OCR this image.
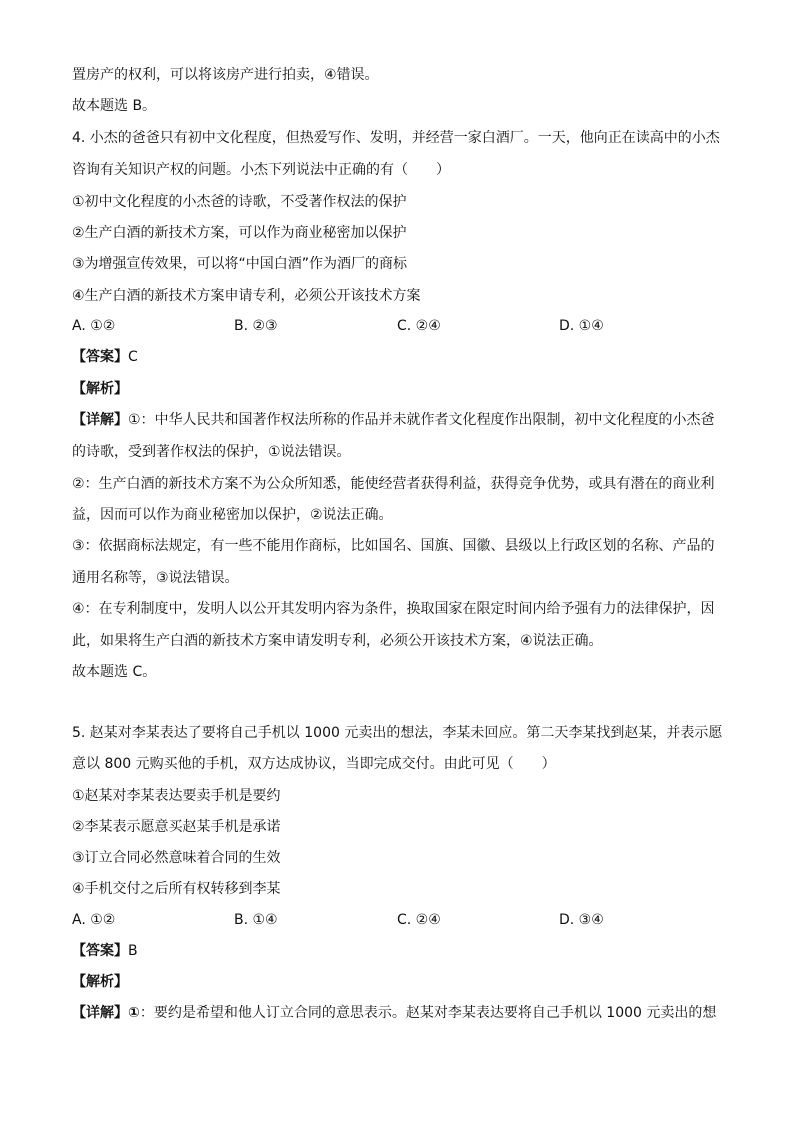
置房产的权利，可以将该房产进行拍卖，④错误。
故本题选 B。
4. 小杰的爸爸只有初中文化程度，但热爱写作、发明，并经营一家白酒厂。一天，他向正在读高中的小杰
咨询有关知识产权的问题。小杰下列说法中正确的有（　　）
①初中文化程度的小杰爸的诗歌，不受著作权法的保护
②生产白酒的新技术方案，可以作为商业秘密加以保护
③为增强宣传效果，可以将“中国白酒”作为酒厂的商标
④生产白酒的新技术方案申请专利，必须公开该技术方案
A. ①②	B. ②③	C. ②④	D. ①④
【答案】C
【解析】
【详解】①：中华人民共和国著作权法所称的作品并未就作者文化程度作出限制，初中文化程度的小杰爸
的诗歌，受到著作权法的保护，①说法错误。
②：生产白酒的新技术方案不为公众所知悉，能使经营者获得利益，获得竞争优势，或具有潜在的商业利
益，因而可以作为商业秘密加以保护，②说法正确。
③：依据商标法规定，有一些不能用作商标，比如国名、国旗、国徽、县级以上行政区划的名称、产品的
通用名称等，③说法错误。
④：在专利制度中，发明人以公开其发明内容为条件，换取国家在限定时间内给予强有力的法律保护，因
此，如果将生产白酒的新技术方案申请发明专利，必须公开该技术方案，④说法正确。
故本题选 C。
5. 赵某对李某表达了要将自己手机以 1000 元卖出的想法，李某未回应。第二天李某找到赵某，并表示愿
意以 800 元购买他的手机，双方达成协议，当即完成交付。由此可见（　　）
①赵某对李某表达要卖手机是要约
②李某表示愿意买赵某手机是承诺
③订立合同必然意味着合同的生效
④手机交付之后所有权转移到李某
A. ①②	B. ①④	C. ②④	D. ③④
【答案】B
【解析】
【详解】①：要约是希望和他人订立合同的意思表示。赵某对李某表达要将自己手机以 1000 元卖出的想
